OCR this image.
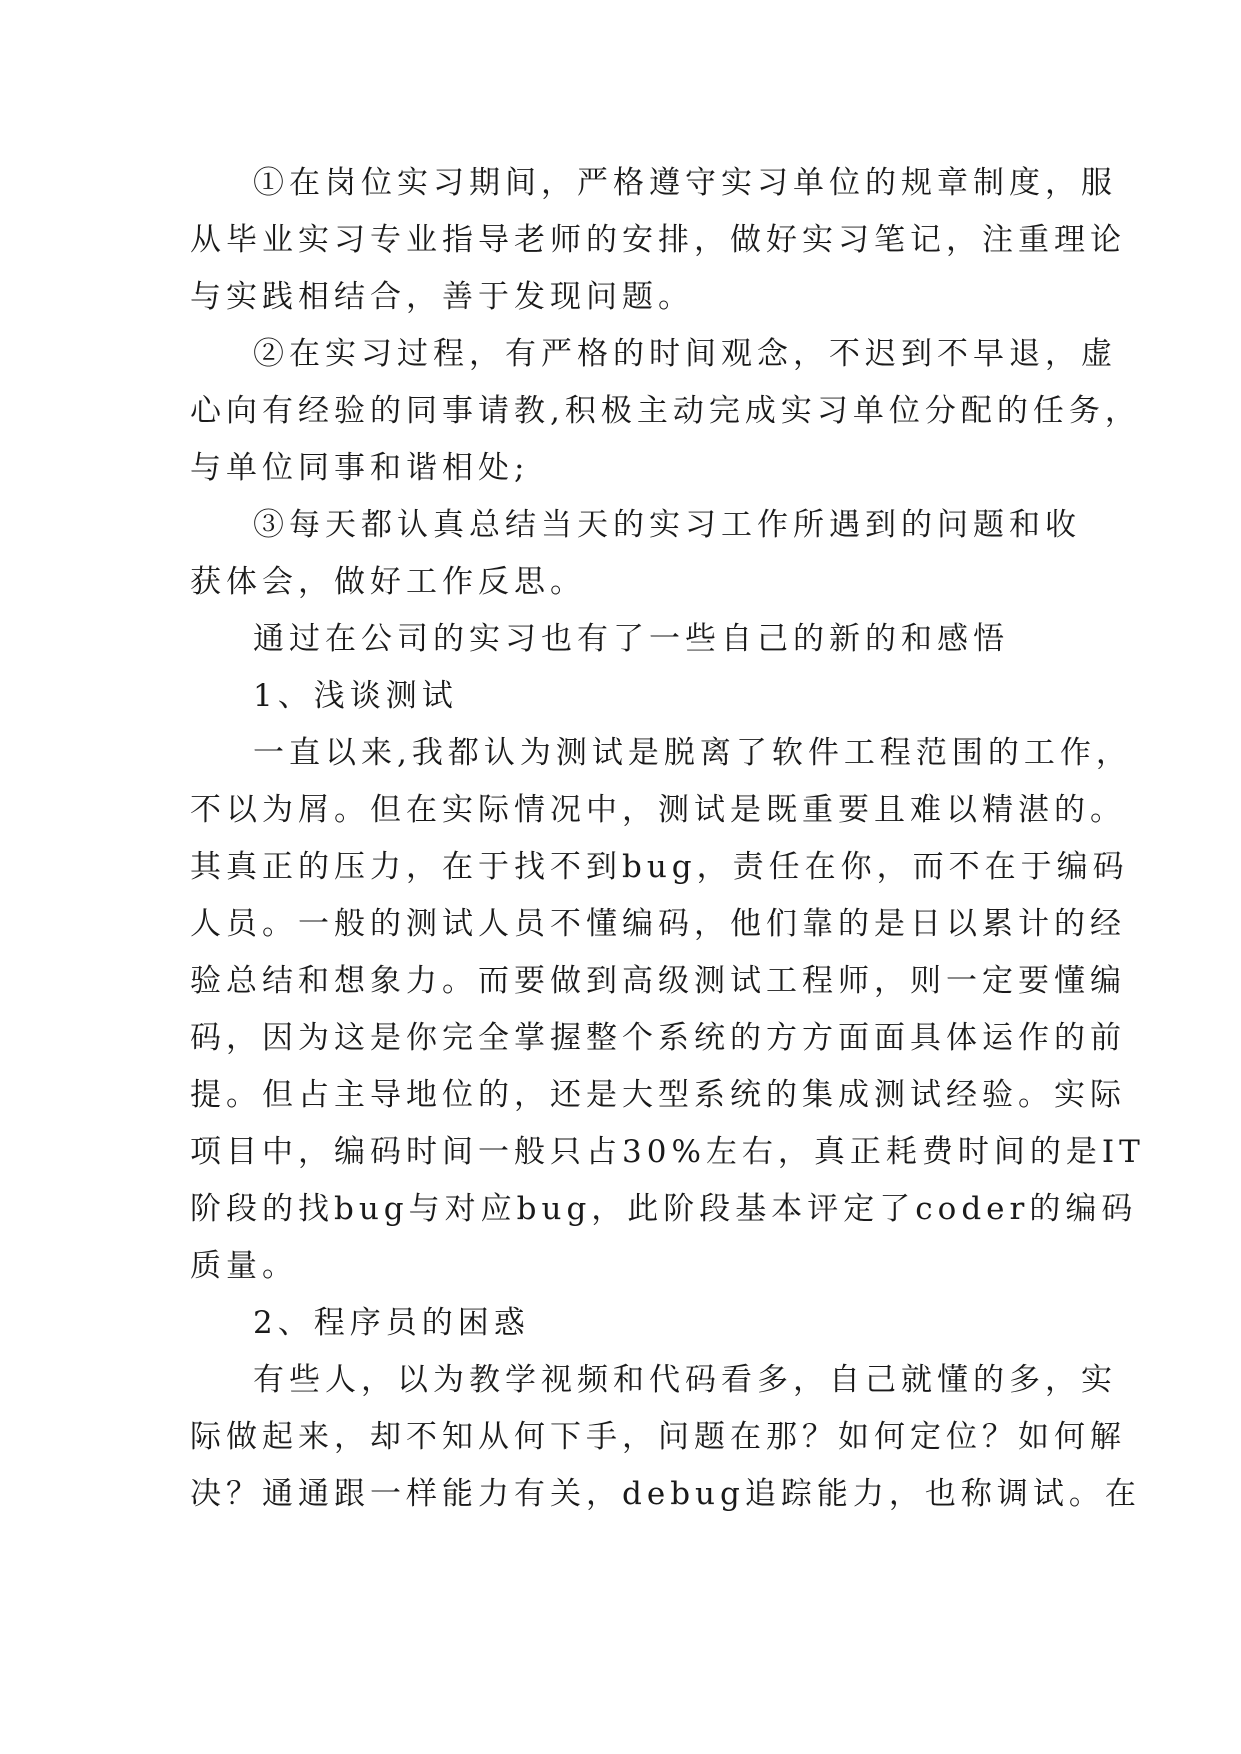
①在岗位实习期间，严格遵守实习单位的规章制度，服
从毕业实习专业指导老师的安排，做好实习笔记，注重理论
与实践相结合，善于发现问题。
②在实习过程，有严格的时间观念，不迟到不早退，虚
心向有经验的同事请教,积极主动完成实习单位分配的任务，
与单位同事和谐相处;
③每天都认真总结当天的实习工作所遇到的问题和收
获体会，做好工作反思。
通过在公司的实习也有了一些自己的新的和感悟
1、浅谈测试
一直以来,我都认为测试是脱离了软件工程范围的工作，
不以为屑。但在实际情况中，测试是既重要且难以精湛的。
其真正的压力，在于找不到bug，责任在你，而不在于编码
人员。一般的测试人员不懂编码，他们靠的是日以累计的经
验总结和想象力。而要做到高级测试工程师，则一定要懂编
码，因为这是你完全掌握整个系统的方方面面具体运作的前
提。但占主导地位的，还是大型系统的集成测试经验。实际
项目中，编码时间一般只占30%左右，真正耗费时间的是IT
阶段的找bug与对应bug，此阶段基本评定了coder的编码
质量。
2、程序员的困惑
有些人，以为教学视频和代码看多，自己就懂的多，实
际做起来，却不知从何下手，问题在那？如何定位？如何解
决？通通跟一样能力有关，debug追踪能力，也称调试。在
